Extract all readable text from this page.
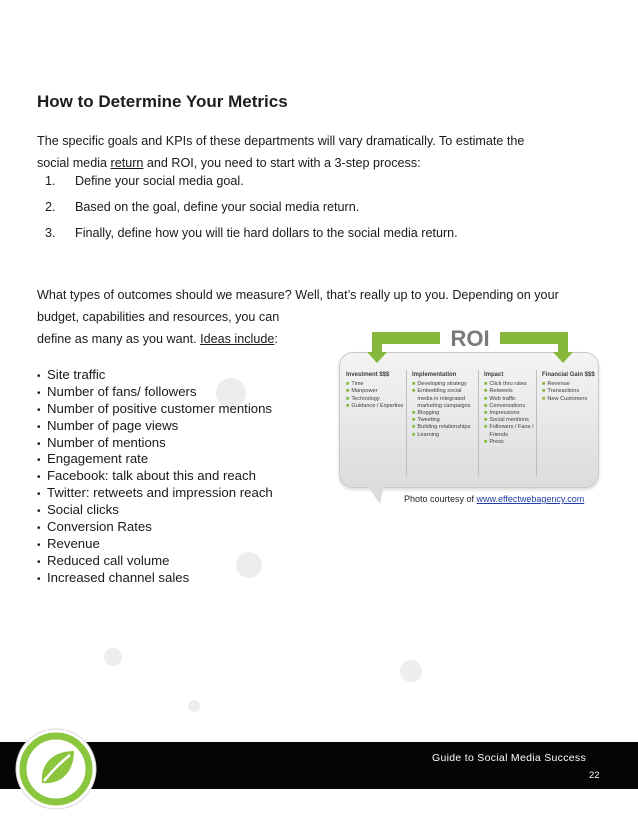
How to Determine Your Metrics

The specific goals and KPIs of these departments will vary dramatically. To estimate the
social media return and ROI, you need to start with a 3-step process:

1.	Define your social media goal.
2.	Based on the goal, define your social media return.
3.	Finally, define how you will tie hard dollars to the social media return.

What types of outcomes should we measure? Well, that’s really up to you. Depending on your
budget, capabilities and resources, you can
define as many as you want. Ideas include:

• Site traffic
• Number of fans/ followers
• Number of positive customer mentions
• Number of page views
• Number of mentions
• Engagement rate
• Facebook: talk about this and reach
• Twitter: retweets and impression reach
• Social clicks
• Conversion Rates
• Revenue
• Reduced call volume
• Increased channel sales
ROI
Investment $$$
■ Time
■ Manpower
■ Technology
■ Guidance / Expertise
Implementation
■ Developing strategy
■ Embedding social media in integrated marketing campaigns
■ Blogging
■ Tweeting
■ Building relationships
■ Learning
Impact
■ Click thru rates
■ Retweets
■ Web traffic
■ Conversations
■ Impressions
■ Social mentions
■ Followers / Fans / Friends
■ Press
Financial Gain $$$
■ Revenue
■ Transactions
■ New Customers
Photo courtesy of www.effectwebagency.com
Guide to Social Media Success
22
